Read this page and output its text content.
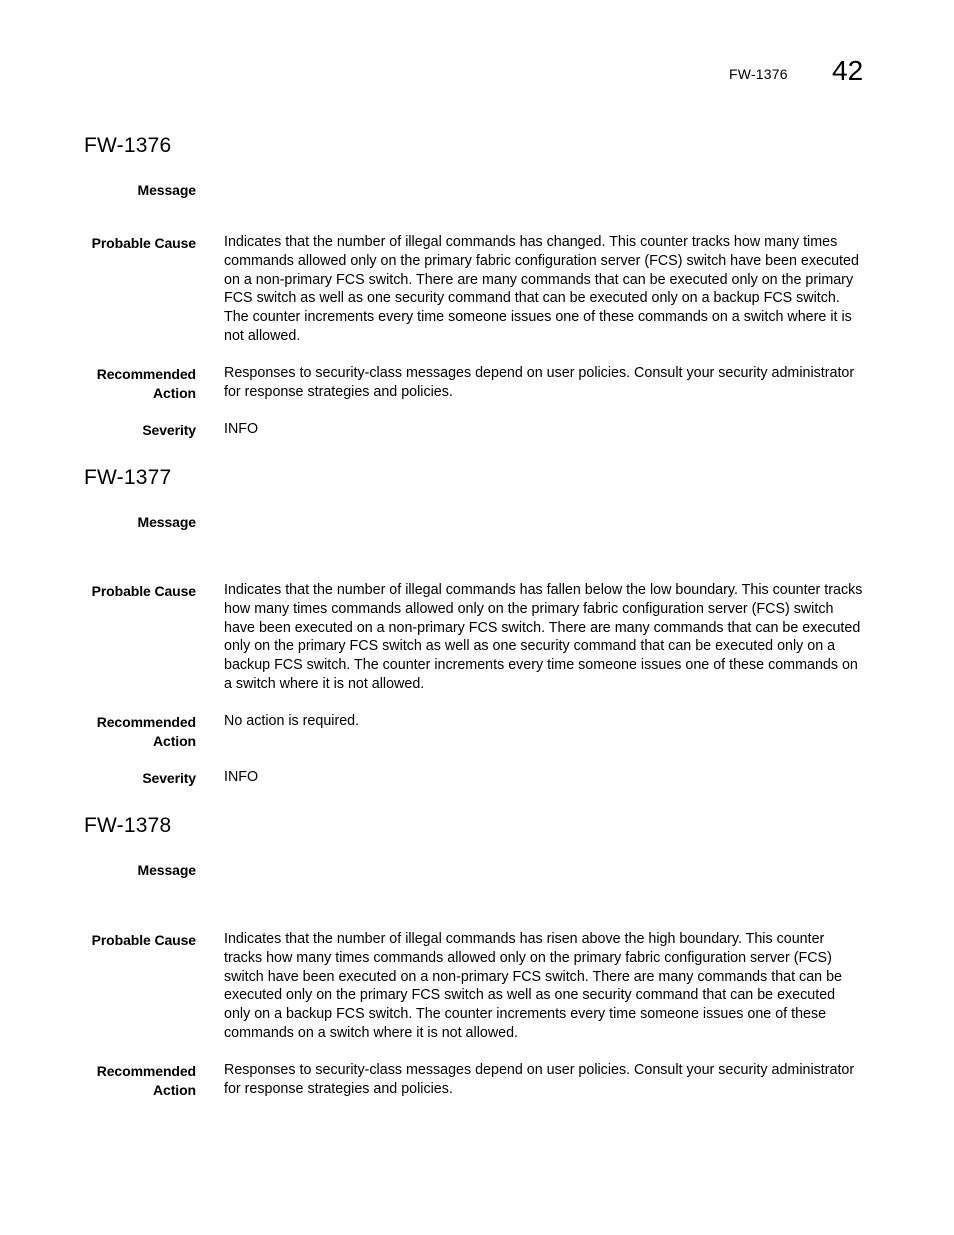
FW-1376 42
FW-1376
Message
Probable Cause Indicates that the number of illegal commands has changed. This counter tracks how many times commands allowed only on the primary fabric configuration server (FCS) switch have been executed on a non-primary FCS switch. There are many commands that can be executed only on the primary FCS switch as well as one security command that can be executed only on a backup FCS switch. The counter increments every time someone issues one of these commands on a switch where it is not allowed.
Recommended
Action
Responses to security-class messages depend on user policies. Consult your security administrator for response strategies and policies.
Severity INFO
FW-1377
Message
Probable Cause Indicates that the number of illegal commands has fallen below the low boundary. This counter tracks how many times commands allowed only on the primary fabric configuration server (FCS) switch have been executed on a non-primary FCS switch. There are many commands that can be executed only on the primary FCS switch as well as one security command that can be executed only on a backup FCS switch. The counter increments every time someone issues one of these commands on a switch where it is not allowed.
Recommended
Action
No action is required.
Severity INFO
FW-1378
Message
Probable Cause Indicates that the number of illegal commands has risen above the high boundary. This counter tracks how many times commands allowed only on the primary fabric configuration server (FCS) switch have been executed on a non-primary FCS switch. There are many commands that can be executed only on the primary FCS switch as well as one security command that can be executed only on a backup FCS switch. The counter increments every time someone issues one of these commands on a switch where it is not allowed.
Recommended
Action
Responses to security-class messages depend on user policies. Consult your security administrator for response strategies and policies.
